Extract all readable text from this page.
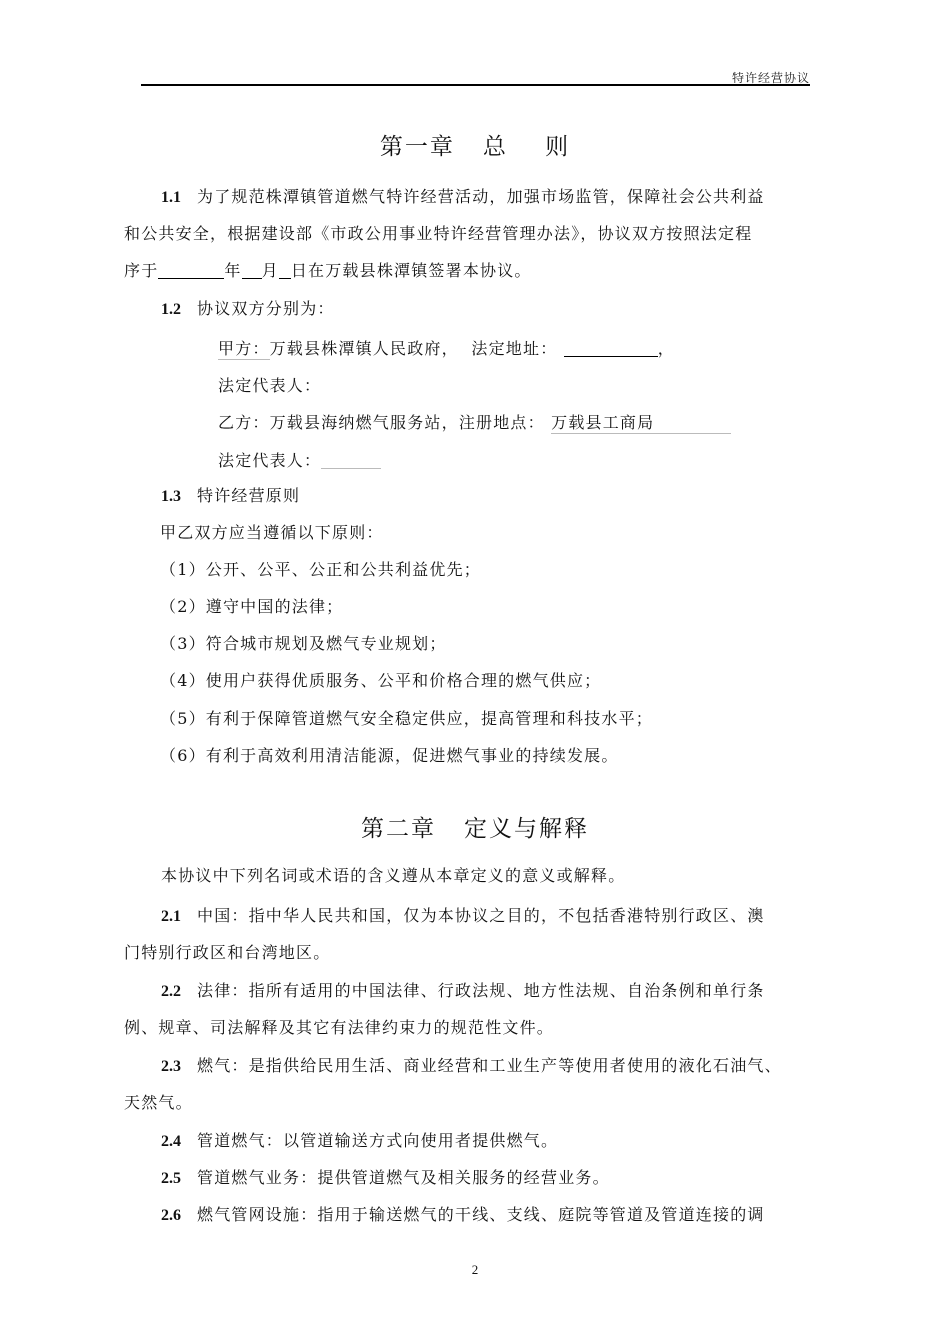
特许经营协议
第一章   总    则
1.1 为了规范株潭镇管道燃气特许经营活动，加强市场监管，保障社会公共利益
和公共安全，根据建设部《市政公用事业特许经营管理办法》，协议双方按照法定程
序于	年 月 日在万载县株潭镇签署本协议。
1.2 协议双方分别为：
甲方：万载县株潭镇人民政府， 法定地址：	，
法定代表人：
乙方：万载县海纳燃气服务站，注册地点： 万载县工商局
法定代表人：
1.3 特许经营原则
甲乙双方应当遵循以下原则：
（1）公开、公平、公正和公共利益优先；
（2）遵守中国的法律；
（3）符合城市规划及燃气专业规划；
（4）使用户获得优质服务、公平和价格合理的燃气供应；
（5）有利于保障管道燃气安全稳定供应，提高管理和科技水平；
（6）有利于高效利用清洁能源，促进燃气事业的持续发展。
第二章   定义与解释
本协议中下列名词或术语的含义遵从本章定义的意义或解释。
2.1 中国：指中华人民共和国，仅为本协议之目的，不包括香港特别行政区、澳
门特别行政区和台湾地区。
2.2 法律：指所有适用的中国法律、行政法规、地方性法规、自治条例和单行条
例、规章、司法解释及其它有法律约束力的规范性文件。
2.3 燃气：是指供给民用生活、商业经营和工业生产等使用者使用的液化石油气、
天然气。
2.4 管道燃气：以管道输送方式向使用者提供燃气。
2.5 管道燃气业务：提供管道燃气及相关服务的经营业务。
2.6 燃气管网设施：指用于输送燃气的干线、支线、庭院等管道及管道连接的调
2
